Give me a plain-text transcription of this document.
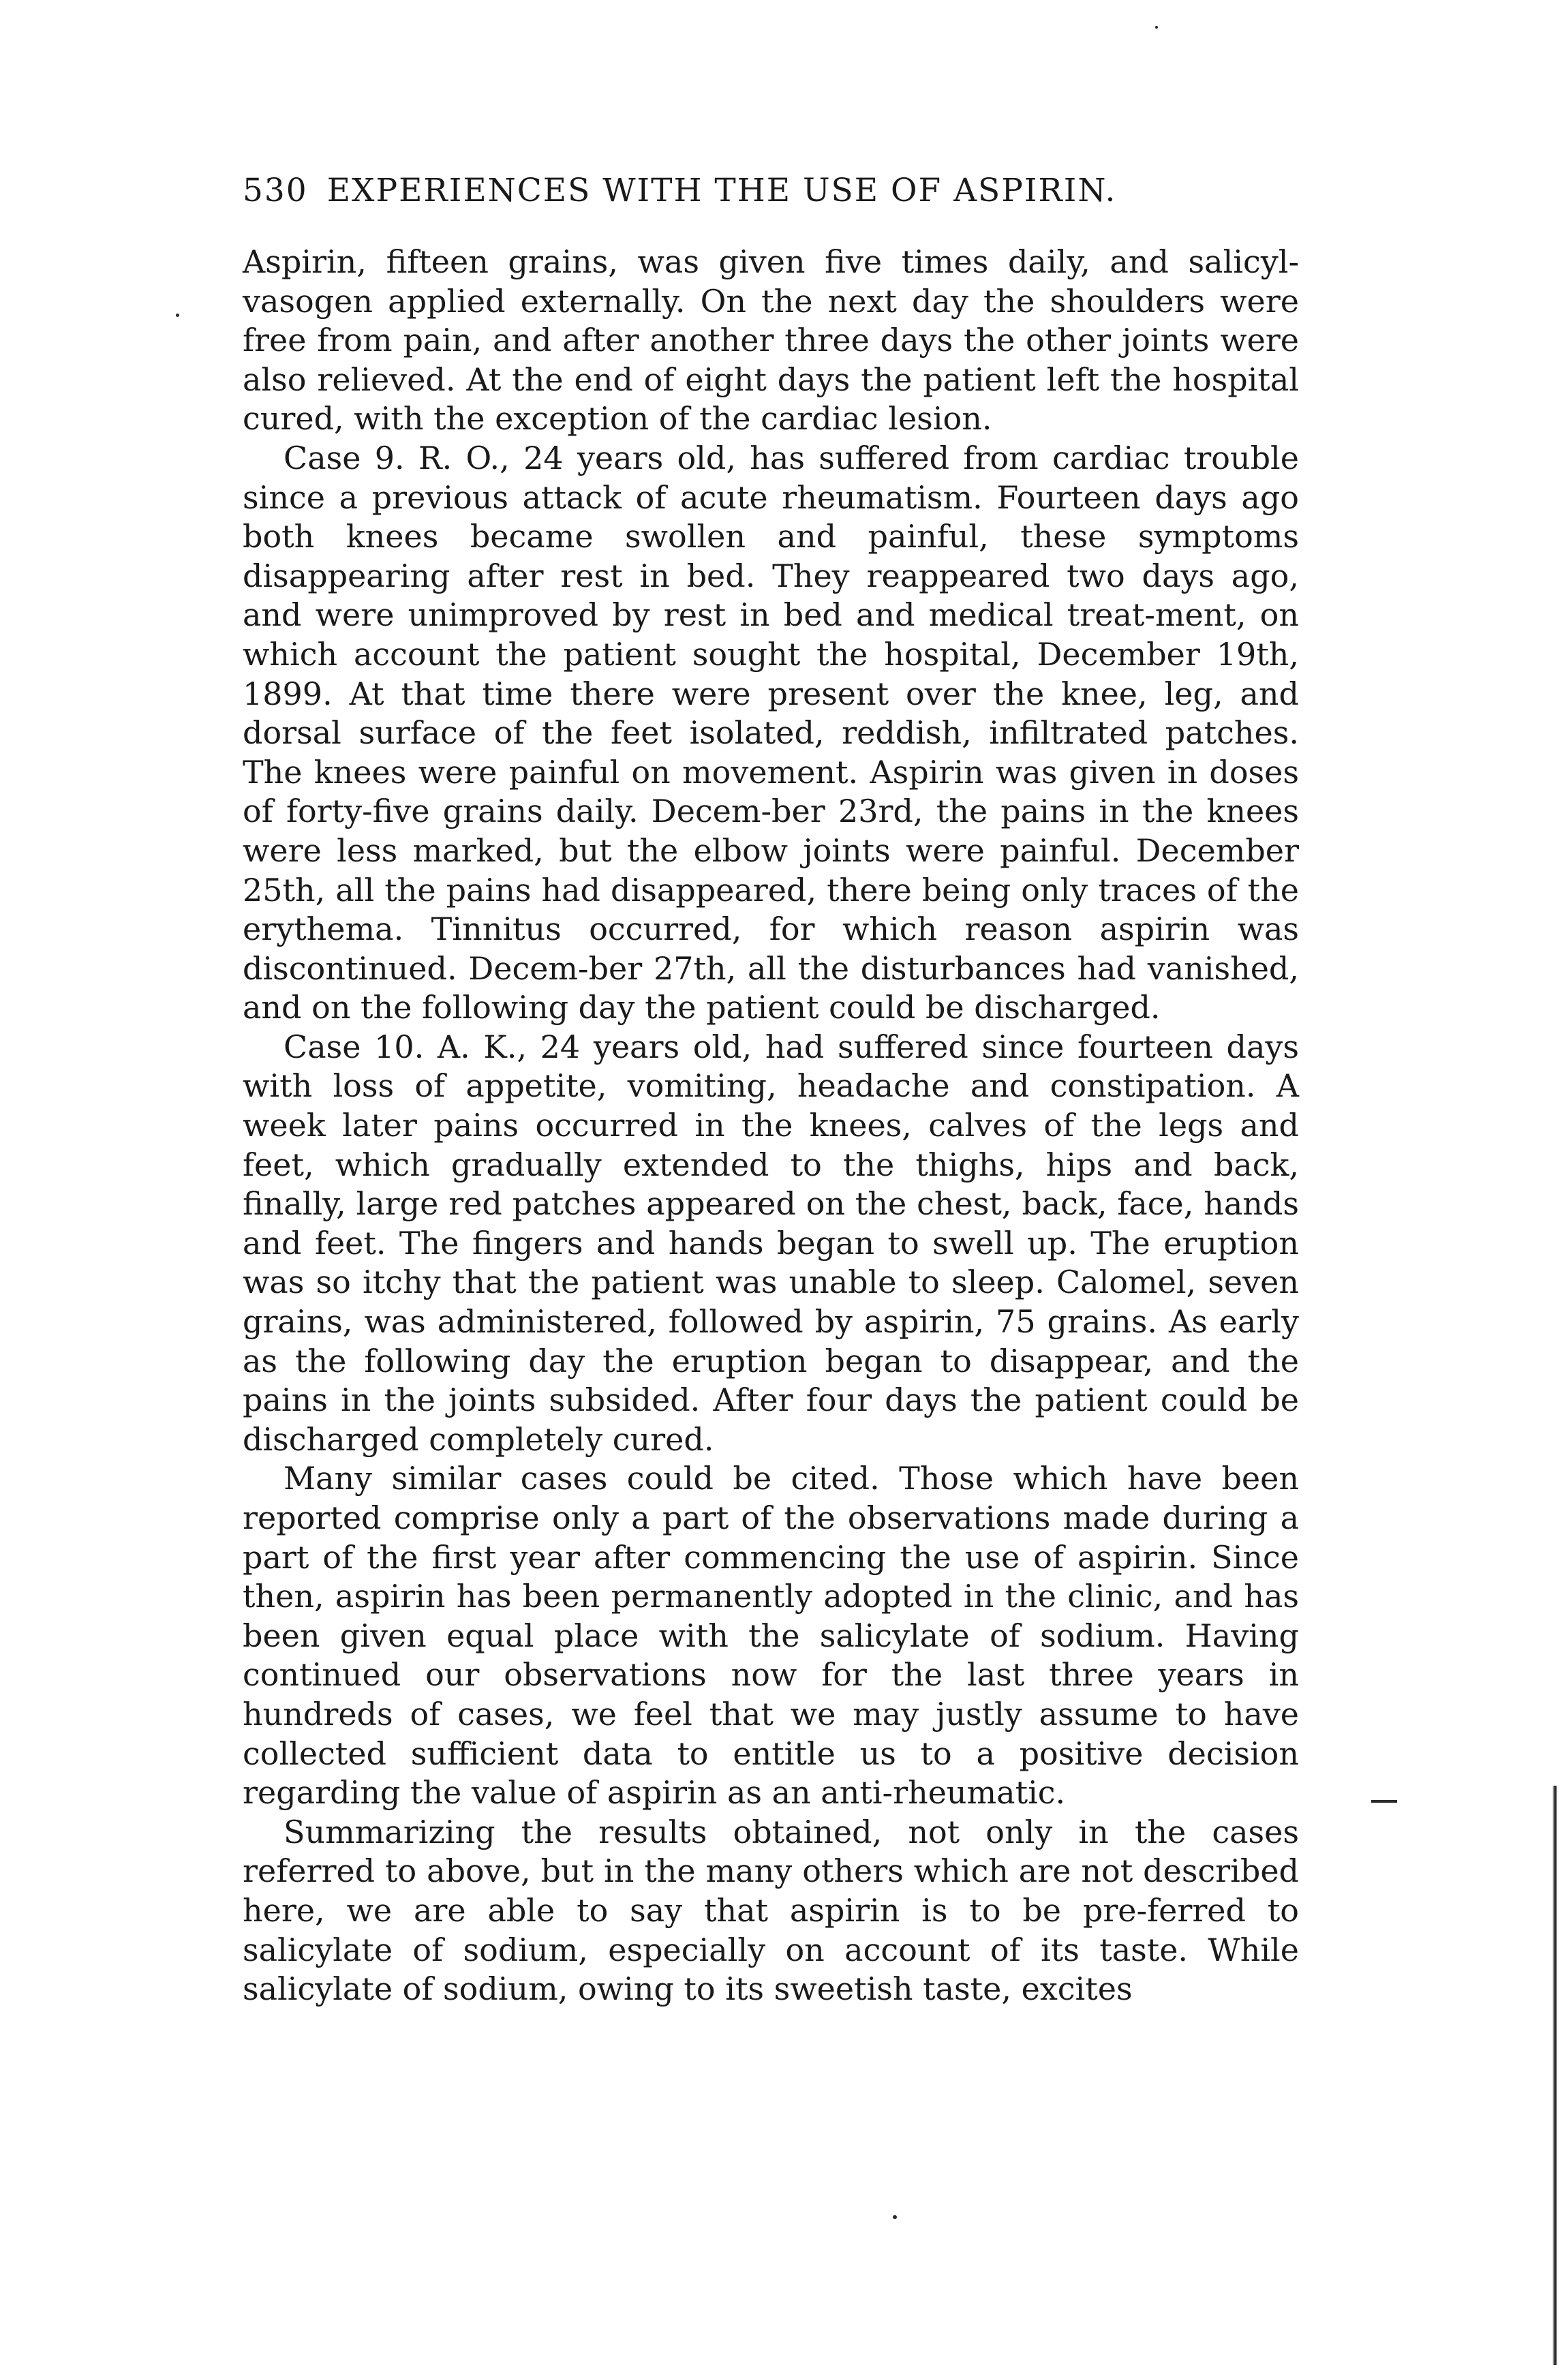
530 EXPERIENCES WITH THE USE OF ASPIRIN.

Aspirin, fifteen grains, was given five times daily, and salicyl-vasogen applied externally. On the next day the shoulders were free from pain, and after another three days the other joints were also relieved. At the end of eight days the patient left the hospital cured, with the exception of the cardiac lesion.

Case 9. R. O., 24 years old, has suffered from cardiac trouble since a previous attack of acute rheumatism. Fourteen days ago both knees became swollen and painful, these symptoms disappearing after rest in bed. They reappeared two days ago, and were unimproved by rest in bed and medical treat-ment, on which account the patient sought the hospital, December 19th, 1899. At that time there were present over the knee, leg, and dorsal surface of the feet isolated, reddish, infiltrated patches. The knees were painful on movement. Aspirin was given in doses of forty-five grains daily. Decem-ber 23rd, the pains in the knees were less marked, but the elbow joints were painful. December 25th, all the pains had disappeared, there being only traces of the erythema. Tinnitus occurred, for which reason aspirin was discontinued. Decem-ber 27th, all the disturbances had vanished, and on the following day the patient could be discharged.

Case 10. A. K., 24 years old, had suffered since fourteen days with loss of appetite, vomiting, headache and constipation. A week later pains occurred in the knees, calves of the legs and feet, which gradually extended to the thighs, hips and back, finally, large red patches appeared on the chest, back, face, hands and feet. The fingers and hands began to swell up. The eruption was so itchy that the patient was unable to sleep. Calomel, seven grains, was administered, followed by aspirin, 75 grains. As early as the following day the eruption began to disappear, and the pains in the joints subsided. After four days the patient could be discharged completely cured.

Many similar cases could be cited. Those which have been reported comprise only a part of the observations made during a part of the first year after commencing the use of aspirin. Since then, aspirin has been permanently adopted in the clinic, and has been given equal place with the salicylate of sodium. Having continued our observations now for the last three years in hundreds of cases, we feel that we may justly assume to have collected sufficient data to entitle us to a positive decision regarding the value of aspirin as an anti-rheumatic.

Summarizing the results obtained, not only in the cases referred to above, but in the many others which are not described here, we are able to say that aspirin is to be pre-ferred to salicylate of sodium, especially on account of its taste. While salicylate of sodium, owing to its sweetish taste, excites
